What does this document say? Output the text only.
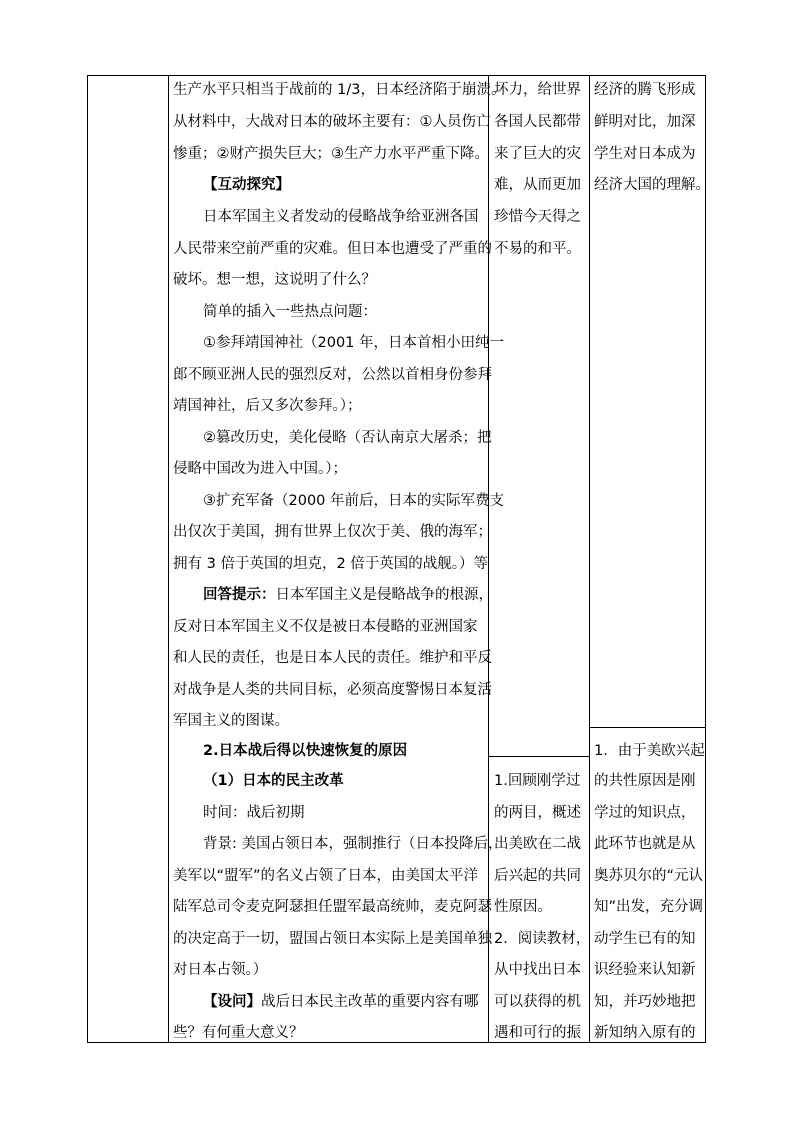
生产水平只相当于战前的 1/3，日本经济陷于崩溃。
从材料中，大战对日本的破坏主要有：①人员伤亡
惨重；②财产损失巨大；③生产力水平严重下降。
【互动探究】
日本军国主义者发动的侵略战争给亚洲各国
人民带来空前严重的灾难。但日本也遭受了严重的
破坏。想一想，这说明了什么？
简单的插入一些热点问题：
①参拜靖国神社（2001 年，日本首相小田纯一
郎不顾亚洲人民的强烈反对，公然以首相身份参拜
靖国神社，后又多次参拜。）；
②篡改历史，美化侵略（否认南京大屠杀；把
侵略中国改为进入中国。）；
③扩充军备（2000 年前后，日本的实际军费支
出仅次于美国，拥有世界上仅次于美、俄的海军；
拥有 3 倍于英国的坦克，2 倍于英国的战舰。）等
回答提示：日本军国主义是侵略战争的根源，
反对日本军国主义不仅是被日本侵略的亚洲国家
和人民的责任，也是日本人民的责任。维护和平反
对战争是人类的共同目标，必须高度警惕日本复活
军国主义的图谋。
2.日本战后得以快速恢复的原因
（1）日本的民主改革
时间：战后初期
背景: 美国占领日本，强制推行（日本投降后，
美军以“盟军”的名义占领了日本，由美国太平洋
陆军总司令麦克阿瑟担任盟军最高统帅，麦克阿瑟
的决定高于一切，盟国占领日本实际上是美国单独
对日本占领。）
【设问】战后日本民主改革的重要内容有哪
些？有何重大意义？
坏力，给世界
各国人民都带
来了巨大的灾
难，从而更加
珍惜今天得之
不易的和平。
1.回顾刚学过
的两目，概述
出美欧在二战
后兴起的共同
性原因。
2．阅读教材，
从中找出日本
可以获得的机
遇和可行的振
经济的腾飞形成
鲜明对比，加深
学生对日本成为
经济大国的理解。
1．由于美欧兴起
的共性原因是刚
学过的知识点，
此环节也就是从
奥苏贝尔的“元认
知”出发，充分调
动学生已有的知
识经验来认知新
知，并巧妙地把
新知纳入原有的
